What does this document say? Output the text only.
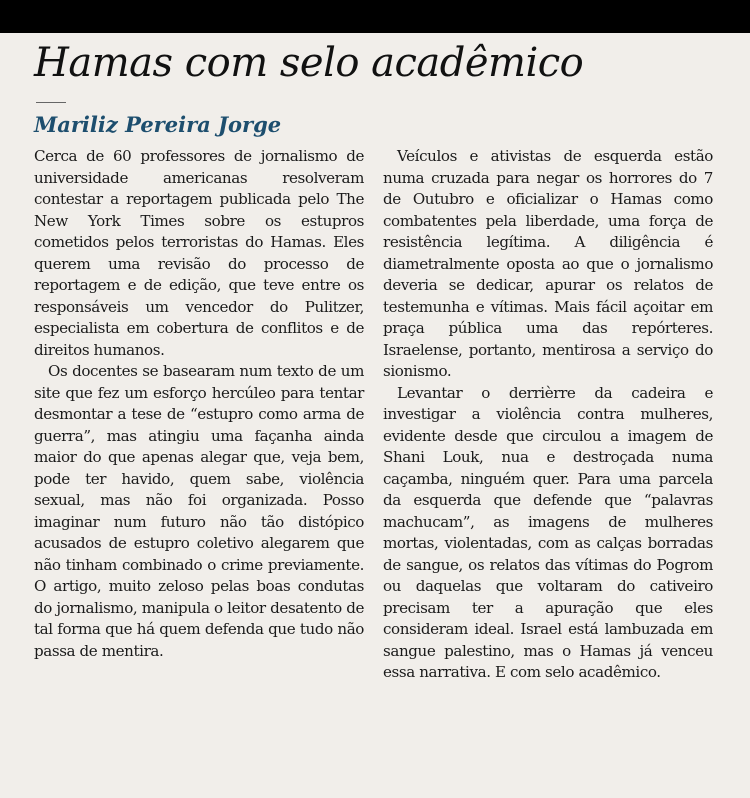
Hamas com selo acadêmico
Mariliz Pereira Jorge

Cerca de 60 professores de jornalismo de universidade americanas resolveram contestar a reportagem publicada pelo The New York Times sobre os estupros cometidos pelos terroristas do Hamas. Eles querem uma revisão do processo de reportagem e de edição, que teve entre os responsáveis um vencedor do Pulitzer, especialista em cobertura de conflitos e de direitos humanos.

Os docentes se basearam num texto de um site que fez um esforço hercúleo para tentar desmontar a tese de “estupro como arma de guerra”, mas atingiu uma façanha ainda maior do que apenas alegar que, veja bem, pode ter havido, quem sabe, violência sexual, mas não foi organizada. Posso imaginar num futuro não tão distópico acusados de estupro coletivo alegarem que não tinham combinado o crime previamente. O artigo, muito zeloso pelas boas condutas do jornalismo, manipula o leitor desatento de tal forma que há quem defenda que tudo não passa de mentira.

Veículos e ativistas de esquerda estão numa cruzada para negar os horrores do 7 de Outubro e oficializar o Hamas como combatentes pela liberdade, uma força de resistência legítima. A diligência é diametralmente oposta ao que o jornalismo deveria se dedicar, apurar os relatos de testemunha e vítimas. Mais fácil açoitar em praça pública uma das repórteres. Israelense, portanto, mentirosa a serviço do sionismo.

Levantar o derrièrre da cadeira e investigar a violência contra mulheres, evidente desde que circulou a imagem de Shani Louk, nua e destroçada numa caçamba, ninguém quer. Para uma parcela da esquerda que defende que “palavras machucam”, as imagens de mulheres mortas, violentadas, com as calças borradas de sangue, os relatos das vítimas do Pogrom ou daquelas que voltaram do cativeiro precisam ter a apuração que eles consideram ideal. Israel está lambuzada em sangue palestino, mas o Hamas já venceu essa narrativa. E com selo acadêmico.
